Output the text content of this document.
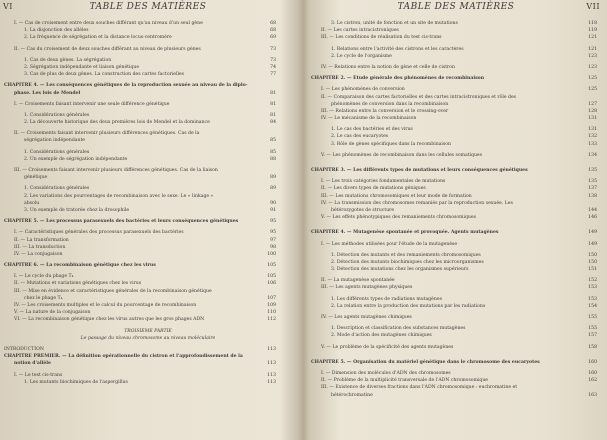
VI	TABLE DES MATIÈRES
I. — Cas de croisement entre deux souches différant qu'au niveau d'un seul gène	68
1. La disjonction des allèles	68
2. La fréquence de ségrégation et la distance locus-centromère	69
II. — Cas du croisement de deux souches différant au niveau de plusieurs gènes	73
1. Cas de deux gènes. La ségrégation	73
2. Ségrégation indépendante et liaison génétique	74
3. Cas de plus de deux gènes. La construction des cartes factorielles	77
CHAPITRE 4. — Les conséquences génétiques de la reproduction sexuée au niveau de la diplo-
phase. Les lois de Mendel	81
I. — Croisements faisant intervenir une seule différence génétique	81
1. Considérations générales	81
2. La découverte historique des deux premières lois de Mendel et la dominance	84
II. — Croisements faisant intervenir plusieurs différences génétiques. Cas de la
ségrégation indépendante	85
1. Considérations générales	85
2. Un exemple de ségrégation indépendante	88
III. — Croisements faisant intervenir plusieurs différences génétiques. Cas de la liaison
génétique	89
1. Considérations générales	89
2. Les variations des pourcentages de recombinaison avec le sexe. Le « linkage »
absolu	90
3. Un exemple de tratorée chez la drosophile	91
CHAPITRE 5. — Les processus parasexuels des bactéries et leurs conséquences génétiques	95
I. — Caractéristiques générales des processus parasexuels des bactéries	95
II. — La transformation	97
III. — La transduction	98
IV. — La conjugaison	100
CHAPITRE 6. — La recombinaison génétique chez les virus	105
I. — Le cycle du phage T₄	105
II. — Mutations et variations génétiques chez les virus	106
III. — Mise en évidence et caractéristiques générales de la recombinaison génétique
chez le phage T₄	107
IV. — Les croisements multiples et le calcul du pourcentage de recombinaison	109
V. — La nature de la conjugaison	110
VI. — La recombinaison génétique chez les virus autres que les gros phages ADN	112
TROISIÈME PARTIE
Le passage du niveau chromosome au niveau moléculaire
INTRODUCTION	113
CHAPITRE PREMIER. — La définition opérationnelle du cistron et l'approfondissement de la
notion d'allèle	113
I. — Le test cis-trans	113
1. Les mutants biochimiques de l'aspergillus	113
TABLE DES MATIÈRES	VII
3. Le cistron, unité de fonction et un site de mutations	118
II. — Les cartes intracistroniques	119
III. — Les conditions de réalisation du test cis-trans	121
1. Relations entre l'activité des cistrons et les caractères	121
2. Le cycle de l'organisme	123
IV. — Relations entre la notion de gène et celle de cistron	123
CHAPITRE 2. — Étude générale des phénomènes de recombinaison	125
I. — Les phénomènes de conversion	125
II. — Comparaison des cartes factorielles et des cartes intracistroniques et rôle des
phénomènes de conversion dans la recombinaison	127
III. — Relations entre la conversion et le crossing-over	128
IV. — Le mécanisme de la recombinaison	131
1. Le cas des bactéries et des virus	131
2. Le cas des eucaryotes	132
3. Rôle de gènes spécifiques dans la recombinaison	133
V. — Les phénomènes de recombinaison dans les cellules somatiques	134
CHAPITRE 3. — Les différents types de mutations et leurs conséquences génétiques	135
I. — Les trois catégories fondamentales de mutations	135
II. — Les divers types de mutations géniques	137
III. — Les mutations chromosomiques et leur mode de formation	138
IV. — La transmission des chromosomes remaniés par la reproduction sexuée. Les
hétérozygotes de structure	144
V. — Les effets phénotypiques des remaniements chromosomiques	146
CHAPITRE 4. — Mutagenèse spontanée et provoquée. Agents mutagènes	149
I. — Les méthodes utilisées pour l'étude de la mutagenèse	149
1. Détection des mutants et des remaniements chromosomiques	150
2. Détection des mutants biochimiques chez les microorganismes	150
3. Détection des mutations chez les organismes supérieurs	151
II. — La mutagenèse spontanée	152
III. — Les agents mutagènes physiques	153
1. Les différents types de radiations mutagènes	153
2. La relation entre la production des mutations par les radiations	154
IV. — Les agents mutagènes chimiques	155
1. Description et classification des substances mutagènes	155
2. Mode d'action des mutagènes chimiques	157
V. — Le problème de la spécificité des agents mutagènes	158
CHAPITRE 5. — Organisation du matériel génétique dans le chromosome des eucaryotes	160
I. — Dimension des molécules d'ADN des chromosomes	160
II. — Problème de la multiplicité transversale de l'ADN chromosomique	162
III. — Existence de diverses fractions dans l'ADN chromosomique : euchromatine et
hétérochromatine	163
